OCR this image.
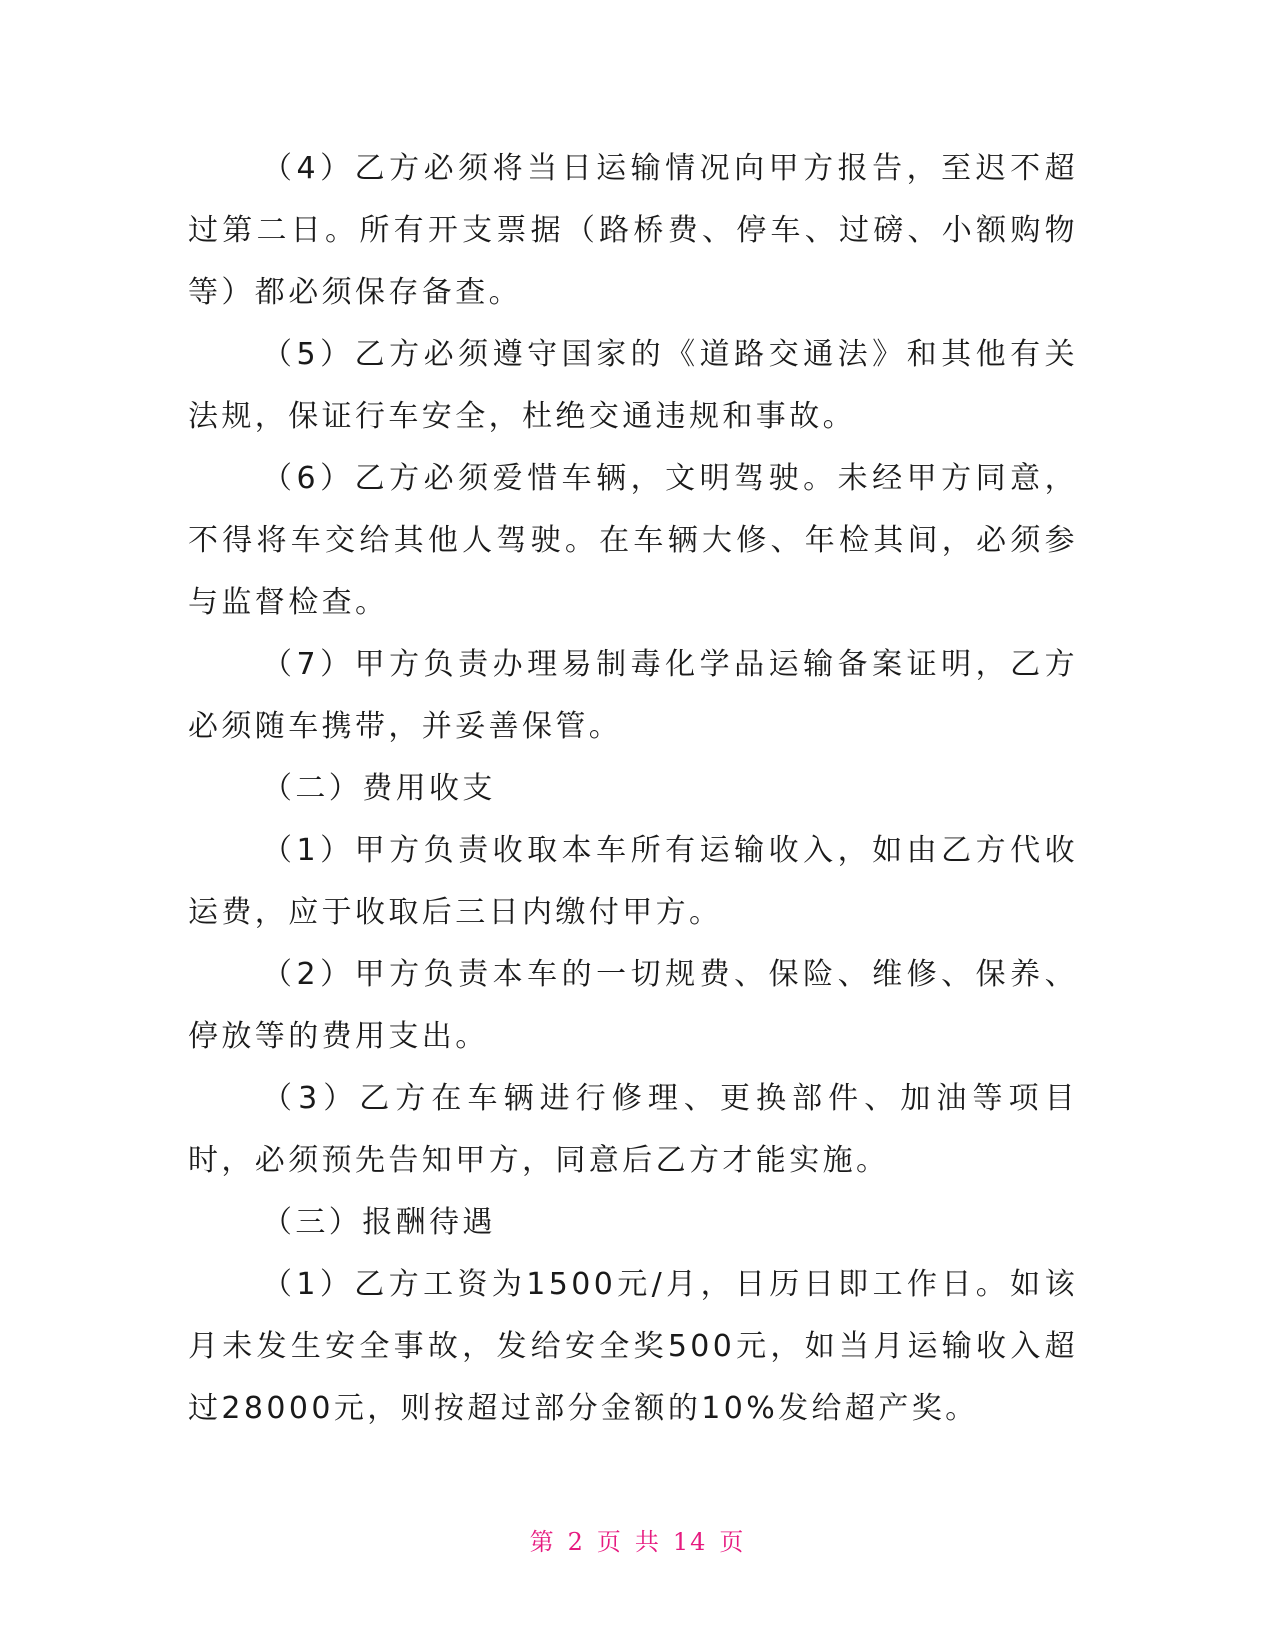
（4）乙方必须将当日运输情况向甲方报告，至迟不超过第二日。所有开支票据（路桥费、停车、过磅、小额购物等）都必须保存备查。

（5）乙方必须遵守国家的《道路交通法》和其他有关法规，保证行车安全，杜绝交通违规和事故。

（6）乙方必须爱惜车辆，文明驾驶。未经甲方同意，不得将车交给其他人驾驶。在车辆大修、年检其间，必须参与监督检查。

（7）甲方负责办理易制毒化学品运输备案证明，乙方必须随车携带，并妥善保管。

（二）费用收支

（1）甲方负责收取本车所有运输收入，如由乙方代收运费，应于收取后三日内缴付甲方。

（2）甲方负责本车的一切规费、保险、维修、保养、停放等的费用支出。

（3）乙方在车辆进行修理、更换部件、加油等项目时，必须预先告知甲方，同意后乙方才能实施。

（三）报酬待遇

（1）乙方工资为1500元/月，日历日即工作日。如该月未发生安全事故，发给安全奖500元，如当月运输收入超过28000元，则按超过部分金额的10%发给超产奖。

第 2 页 共 14 页
